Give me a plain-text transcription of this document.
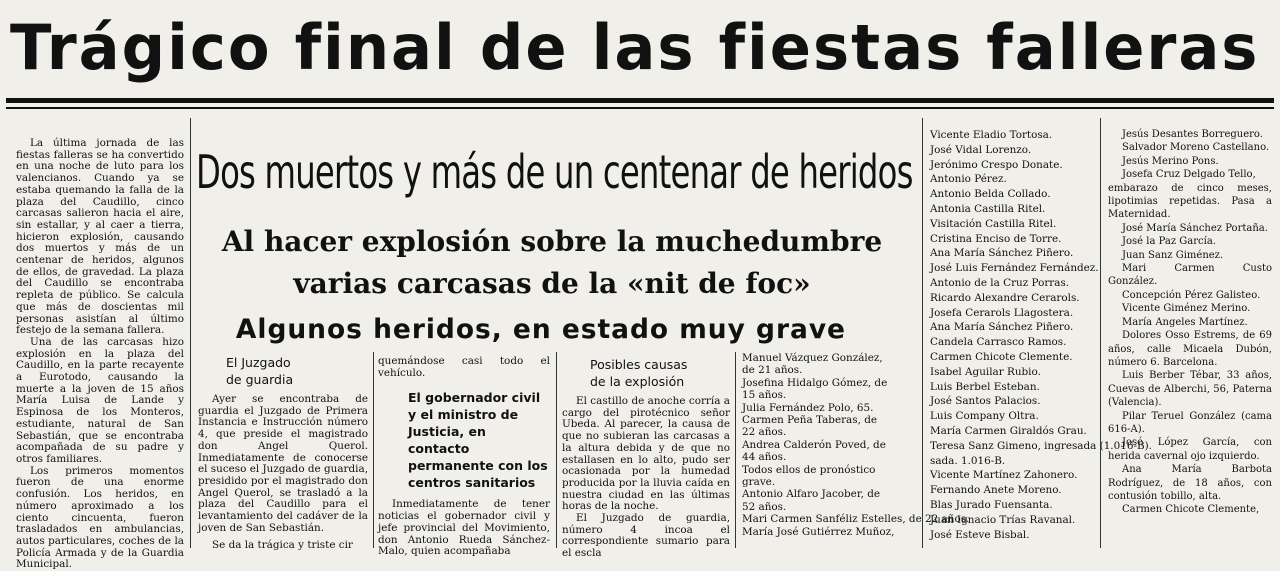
Trágico final de las fiestas falleras

La última jornada de las fiestas falleras se ha convertido en una noche de luto para los valencianos. Cuando ya se estaba quemando la falla de la plaza del Caudillo, cinco carcasas salieron hacia el aire, sin estallar, y al caer a tierra, hicieron explosión, causando dos muertos y más de un centenar de heridos, algunos de ellos, de gravedad. La plaza del Caudillo se encontraba repleta de público. Se calcula que más de doscientas mil personas asistían al último festejo de la semana fallera.

Una de las carcasas hizo explosión en la plaza del Caudillo, en la parte recayente a Eurotodo, causando la muerte a la joven de 15 años María Luisa de Lande y Espinosa de los Monteros, estudiante, natural de San Sebastián, que se encontraba acompañada de su padre y otros familiares.

Los primeros momentos fueron de una enorme confusión. Los heridos, en número aproximado a los ciento cincuenta, fueron trasladados en ambulancias, autos particulares, coches de la Policía Armada y de la Guardia Municipal.

Dos muertos y más de un centenar de heridos
Al hacer explosión sobre la muchedumbre
varias carcasas de la «nit de foc»
Algunos heridos, en estado muy grave
El Juzgado
de guardia

Ayer se encontraba de guardia el Juzgado de Primera Instancia e Instrucción número 4, que preside el magistrado don Angel Querol. Inmediatamente de conocerse el suceso el Juzgado de guardia, presidido por el magistrado don Angel Querol, se trasladó a la plaza del Caudillo para el levantamiento del cadáver de la joven de San Sebastián.

Se da la trágica y triste cir

quemándose casi todo el vehículo.

El gobernador civil
y el ministro de
Justicia, en contacto
permanente con los
centros sanitarios

Inmediatamente de tener noticias el gobernador civil y jefe provincial del Movimiento, don Antonio Rueda Sánchez-Malo, quien acompañaba

Posibles causas
de la explosión

El castillo de anoche corría a cargo del pirotécnico señor Ubeda. Al parecer, la causa de que no subieran las carcasas a la altura debida y de que no estallasen en lo alto, pudo ser ocasionada por la humedad producida por la lluvia caída en nuestra ciudad en las últimas horas de la noche.

El Juzgado de guardia, número 4 incoa el correspondiente sumario para el escla

Manuel Vázquez González,
de 21 años.
Josefina Hidalgo Gómez, de
15 años.
Julia Fernández Polo, 65.
Carmen Peña Taberas, de
22 años.
Andrea Calderón Poved, de
44 años.
Todos ellos de pronóstico
grave.
Antonio Alfaro Jacober, de
52 años.
Mari Carmen Sanféliz Estelles, de 22 años.
María José Gutiérrez Muñoz,
Vicente Eladio Tortosa.
José Vidal Lorenzo.
Jerónimo Crespo Donate.
Antonio Pérez.
Antonio Belda Collado.
Antonia Castilla Ritel.
Visitación Castilla Ritel.
Cristina Enciso de Torre.
Ana María Sánchez Piñero.
José Luis Fernández Fernández.
Antonio de la Cruz Porras.
Ricardo Alexandre Cerarols.
Josefa Cerarols Llagostera.
Ana María Sánchez Piñero.
Candela Carrasco Ramos.
Carmen Chicote Clemente.
Isabel Aguilar Rubio.
Luis Berbel Esteban.
José Santos Palacios.
Luis Company Oltra.
María Carmen Giraldós Grau.
Teresa Sanz Gimeno, ingresada (1.016-B).
sada. 1.016-B.
Vicente Martínez Zahonero.
Fernando Anete Moreno.
Blas Jurado Fuensanta.
Juan Ignacio Trías Ravanal.
José Esteve Bisbal.

Jesús Desantes Borreguero.

Salvador Moreno Castellano.

Jesús Merino Pons.

Josefa Cruz Delgado Tello,

embarazo de cinco meses, lipotimias repetidas. Pasa a Maternidad.

José María Sánchez Portaña.

José la Paz García.

Juan Sanz Giménez.

Mari Carmen Custo González.

Concepción Pérez Galisteo.

Vicente Giménez Merino.

María Angeles Martínez.

Dolores Osso Estrems, de 69 años, calle Micaela Dubón, número 6. Barcelona.

Luis Berber Tébar, 33 años, Cuevas de Alberchi, 56, Paterna (Valencia).

Pilar Teruel González (cama 616-A).

José López García, con herida cavernal ojo izquierdo.

Ana María Barbota Rodríguez, de 18 años, con contusión tobillo, alta.

Carmen Chicote Clemente,
